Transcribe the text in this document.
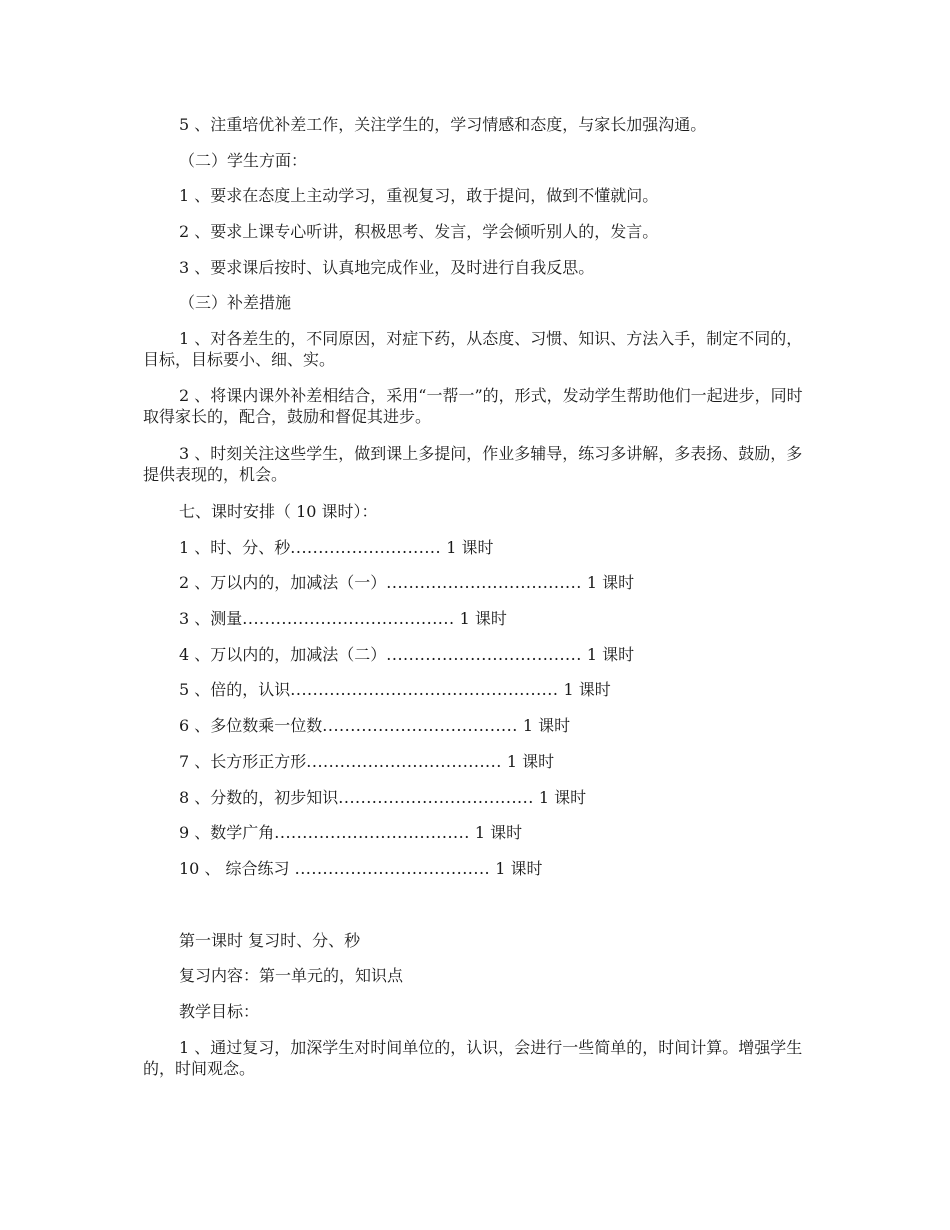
5 、注重培优补差工作，关注学生的，学习情感和态度，与家长加强沟通。
（二）学生方面：
1 、要求在态度上主动学习，重视复习，敢于提问，做到不懂就问。
2 、要求上课专心听讲，积极思考、发言，学会倾听别人的，发言。
3 、要求课后按时、认真地完成作业，及时进行自我反思。
（三）补差措施
1 、对各差生的，不同原因，对症下药，从态度、习惯、知识、方法入手，制定不同的，目标，目标要小、细、实。
2 、将课内课外补差相结合，采用“一帮一”的，形式，发动学生帮助他们一起进步，同时取得家长的，配合，鼓励和督促其进步。
3 、时刻关注这些学生，做到课上多提问，作业多辅导，练习多讲解，多表扬、鼓励，多提供表现的，机会。
七、课时安排（ 10 课时）：
1 、时、分、秒........................... 1 课时
2 、万以内的，加减法（一）................................... 1 课时
3 、测量...................................... 1 课时
4 、万以内的，加减法（二）................................... 1 课时
5 、倍的，认识................................................ 1 课时
6 、多位数乘一位数................................... 1 课时
7 、长方形正方形................................... 1 课时
8 、分数的，初步知识................................... 1 课时
9 、数学广角................................... 1 课时
10 、 综合练习 ................................... 1 课时
第一课时 复习时、分、秒
复习内容：第一单元的，知识点
教学目标：
1 、通过复习，加深学生对时间单位的，认识，会进行一些简单的，时间计算。增强学生的，时间观念。
